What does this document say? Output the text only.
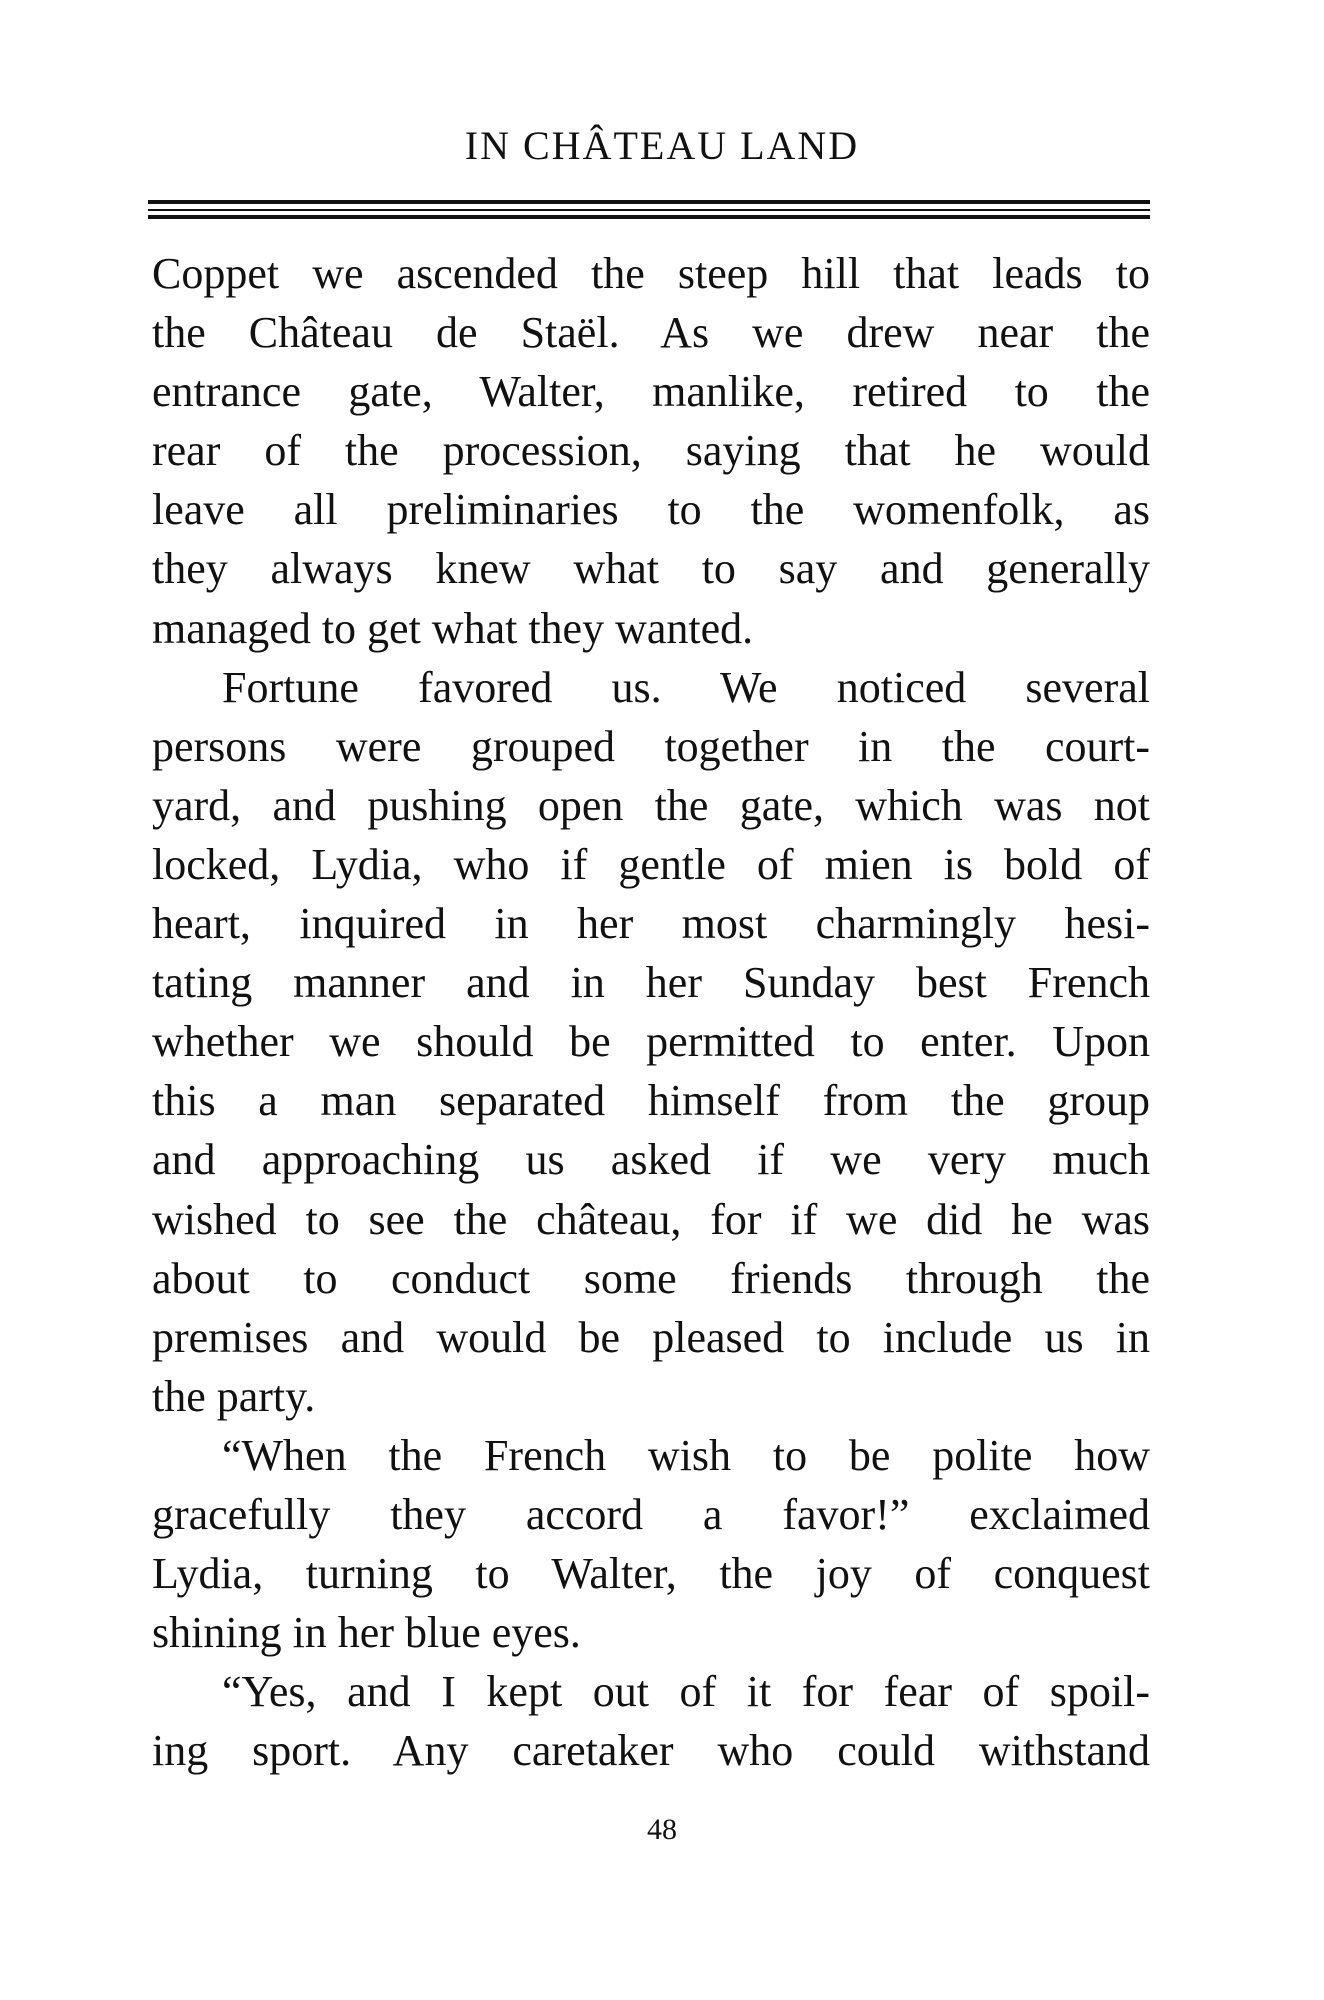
IN CHÂTEAU LAND
Coppet we ascended the steep hill that leads to
the Château de Staël. As we drew near the
entrance gate, Walter, manlike, retired to the
rear of the procession, saying that he would
leave all preliminaries to the womenfolk, as
they always knew what to say and generally
managed to get what they wanted.
Fortune favored us. We noticed several
persons were grouped together in the court-
yard, and pushing open the gate, which was not
locked, Lydia, who if gentle of mien is bold of
heart, inquired in her most charmingly hesi-
tating manner and in her Sunday best French
whether we should be permitted to enter. Upon
this a man separated himself from the group
and approaching us asked if we very much
wished to see the château, for if we did he was
about to conduct some friends through the
premises and would be pleased to include us in
the party.
“When the French wish to be polite how
gracefully they accord a favor!” exclaimed
Lydia, turning to Walter, the joy of conquest
shining in her blue eyes.
“Yes, and I kept out of it for fear of spoil-
ing sport. Any caretaker who could withstand
48
